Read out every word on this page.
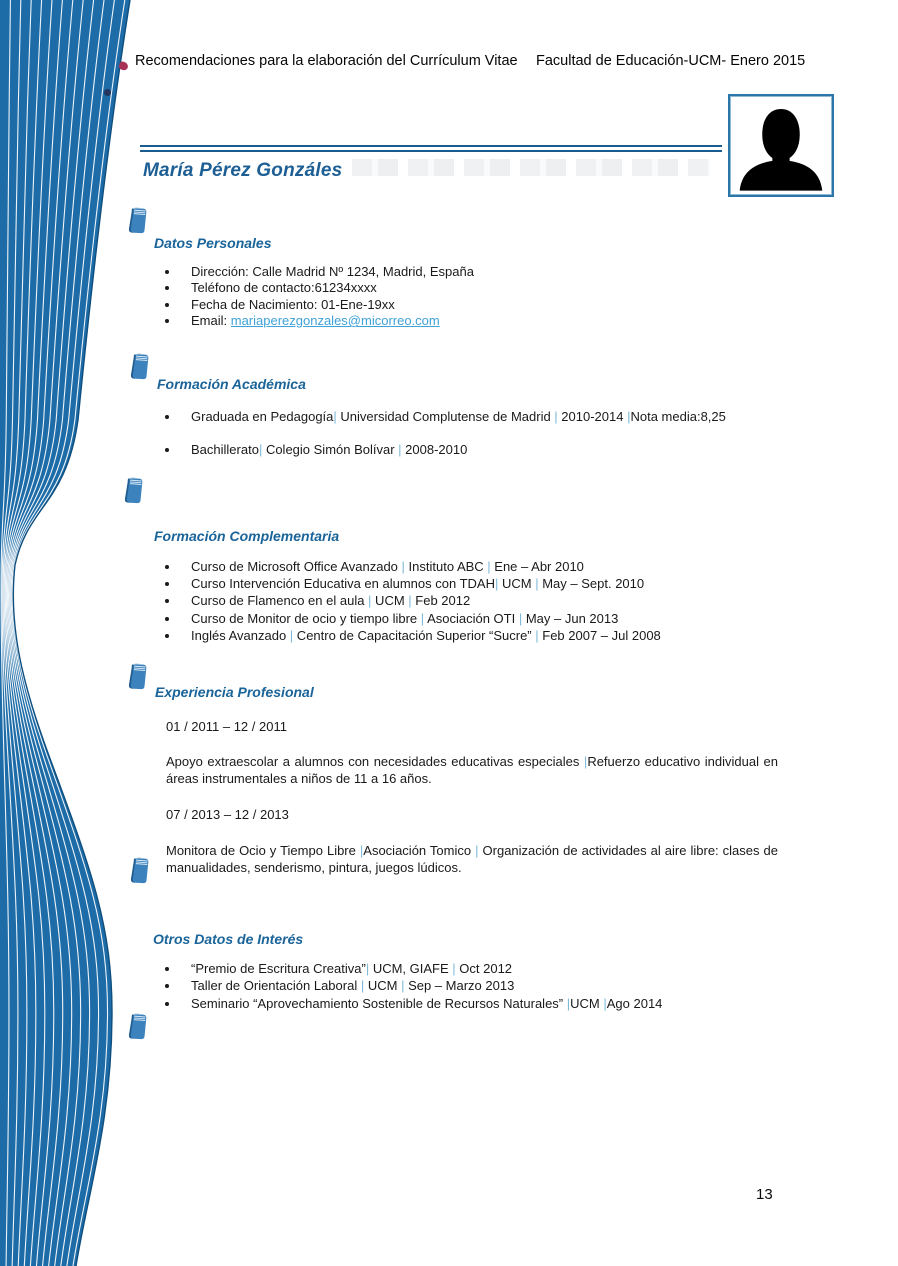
Recomendaciones para la elaboración del Currículum Vitae Facultad de Educación-UCM- Enero 2015
María Pérez Gonzáles
Datos Personales
• Dirección: Calle Madrid Nº 1234, Madrid, España
• Teléfono de contacto:61234xxxx
• Fecha de Nacimiento: 01-Ene-19xx
• Email: mariaperezgonzales@micorreo.com
Formación Académica
• Graduada en Pedagogía| Universidad Complutense de Madrid | 2010-2014 |Nota media:8,25
• Bachillerato| Colegio Simón Bolívar | 2008-2010
Formación Complementaria
• Curso de Microsoft Office Avanzado | Instituto ABC | Ene – Abr 2010
• Curso Intervención Educativa en alumnos con TDAH| UCM | May – Sept. 2010
• Curso de Flamenco en el aula | UCM | Feb 2012
• Curso de Monitor de ocio y tiempo libre | Asociación OTI | May – Jun 2013
• Inglés Avanzado | Centro de Capacitación Superior “Sucre” | Feb 2007 – Jul 2008
Experiencia Profesional
01 / 2011 – 12 / 2011
Apoyo extraescolar a alumnos con necesidades educativas especiales |Refuerzo educativo individual en áreas instrumentales a niños de 11 a 16 años.
07 / 2013 – 12 / 2013
Monitora de Ocio y Tiempo Libre |Asociación Tomico | Organización de actividades al aire libre: clases de manualidades, senderismo, pintura, juegos lúdicos.
Otros Datos de Interés
• “Premio de Escritura Creativa”| UCM, GIAFE | Oct 2012
• Taller de Orientación Laboral | UCM | Sep – Marzo 2013
• Seminario “Aprovechamiento Sostenible de Recursos Naturales” |UCM |Ago 2014
13
